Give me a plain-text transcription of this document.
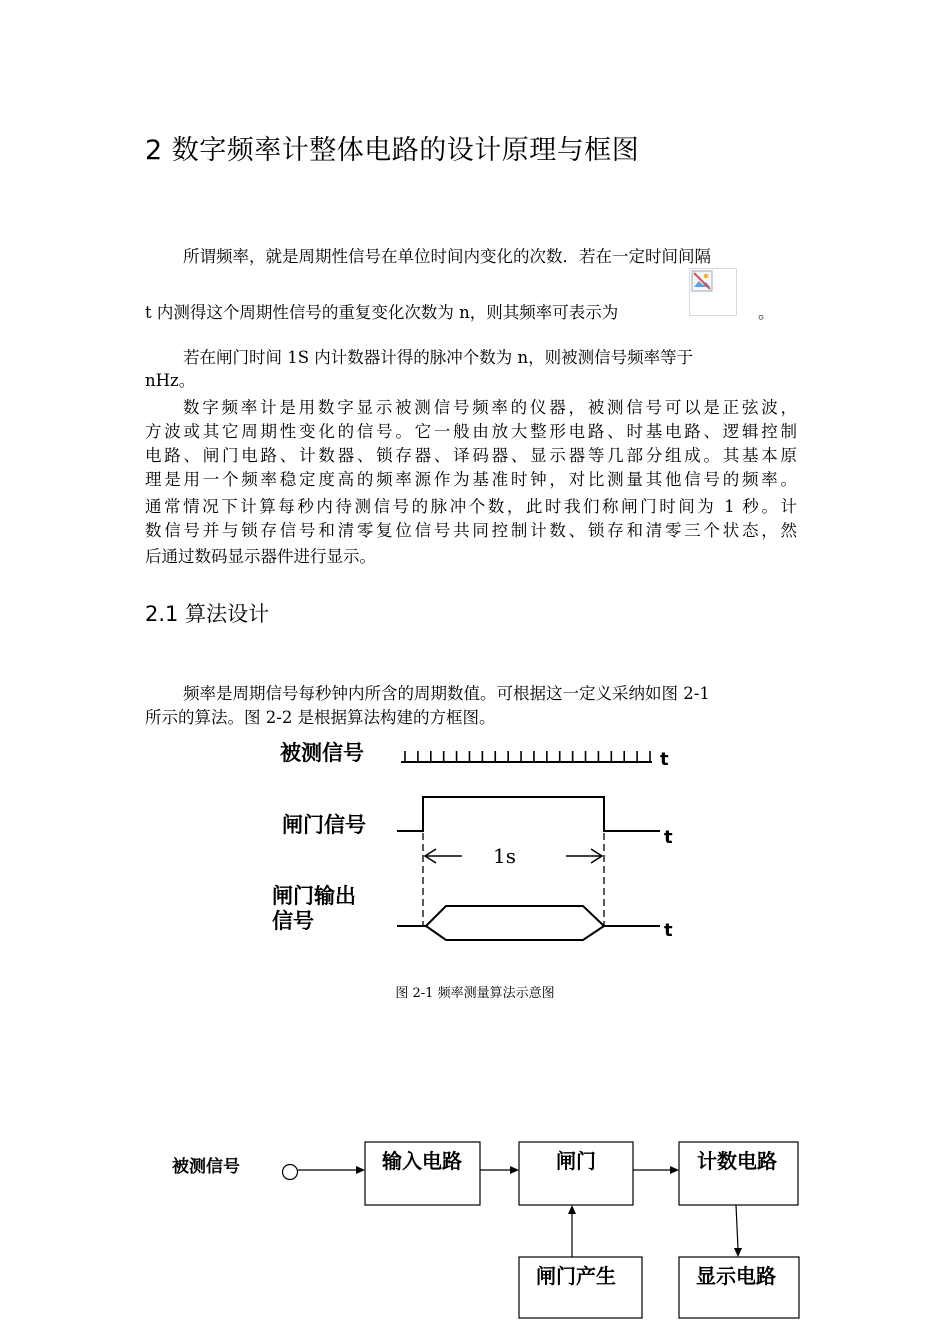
2 数字频率计整体电路的设计原理与框图
所谓频率，就是周期性信号在单位时间内变化的次数．若在一定时间间隔
t 内测得这个周期性信号的重复变化次数为 n，则其频率可表示为	。
若在闸门时间 1S 内计数器计得的脉冲个数为 n，则被测信号频率等于
nHz。
数字频率计是用数字显示被测信号频率的仪器，被测信号可以是正弦波，
方波或其它周期性变化的信号。它一般由放大整形电路、时基电路、逻辑控制
电路、闸门电路、计数器、锁存器、译码器、显示器等几部分组成。其基本原
理是用一个频率稳定度高的频率源作为基准时钟，对比测量其他信号的频率。
通常情况下计算每秒内待测信号的脉冲个数，此时我们称闸门时间为 1 秒。计
数信号并与锁存信号和清零复位信号共同控制计数、锁存和清零三个状态，然
后通过数码显示器件进行显示。
2.1 算法设计
频率是周期信号每秒钟内所含的周期数值。可根据这一定义采纳如图 2-1
所示的算法。图 2-2 是根据算法构建的方框图。
被测信号
闸门信号
闸门输出
信号
t
t
1s
t
被测信号	输入电路	闸门	计数电路
闸门产生	显示电路
图 2-1 频率测量算法示意图
